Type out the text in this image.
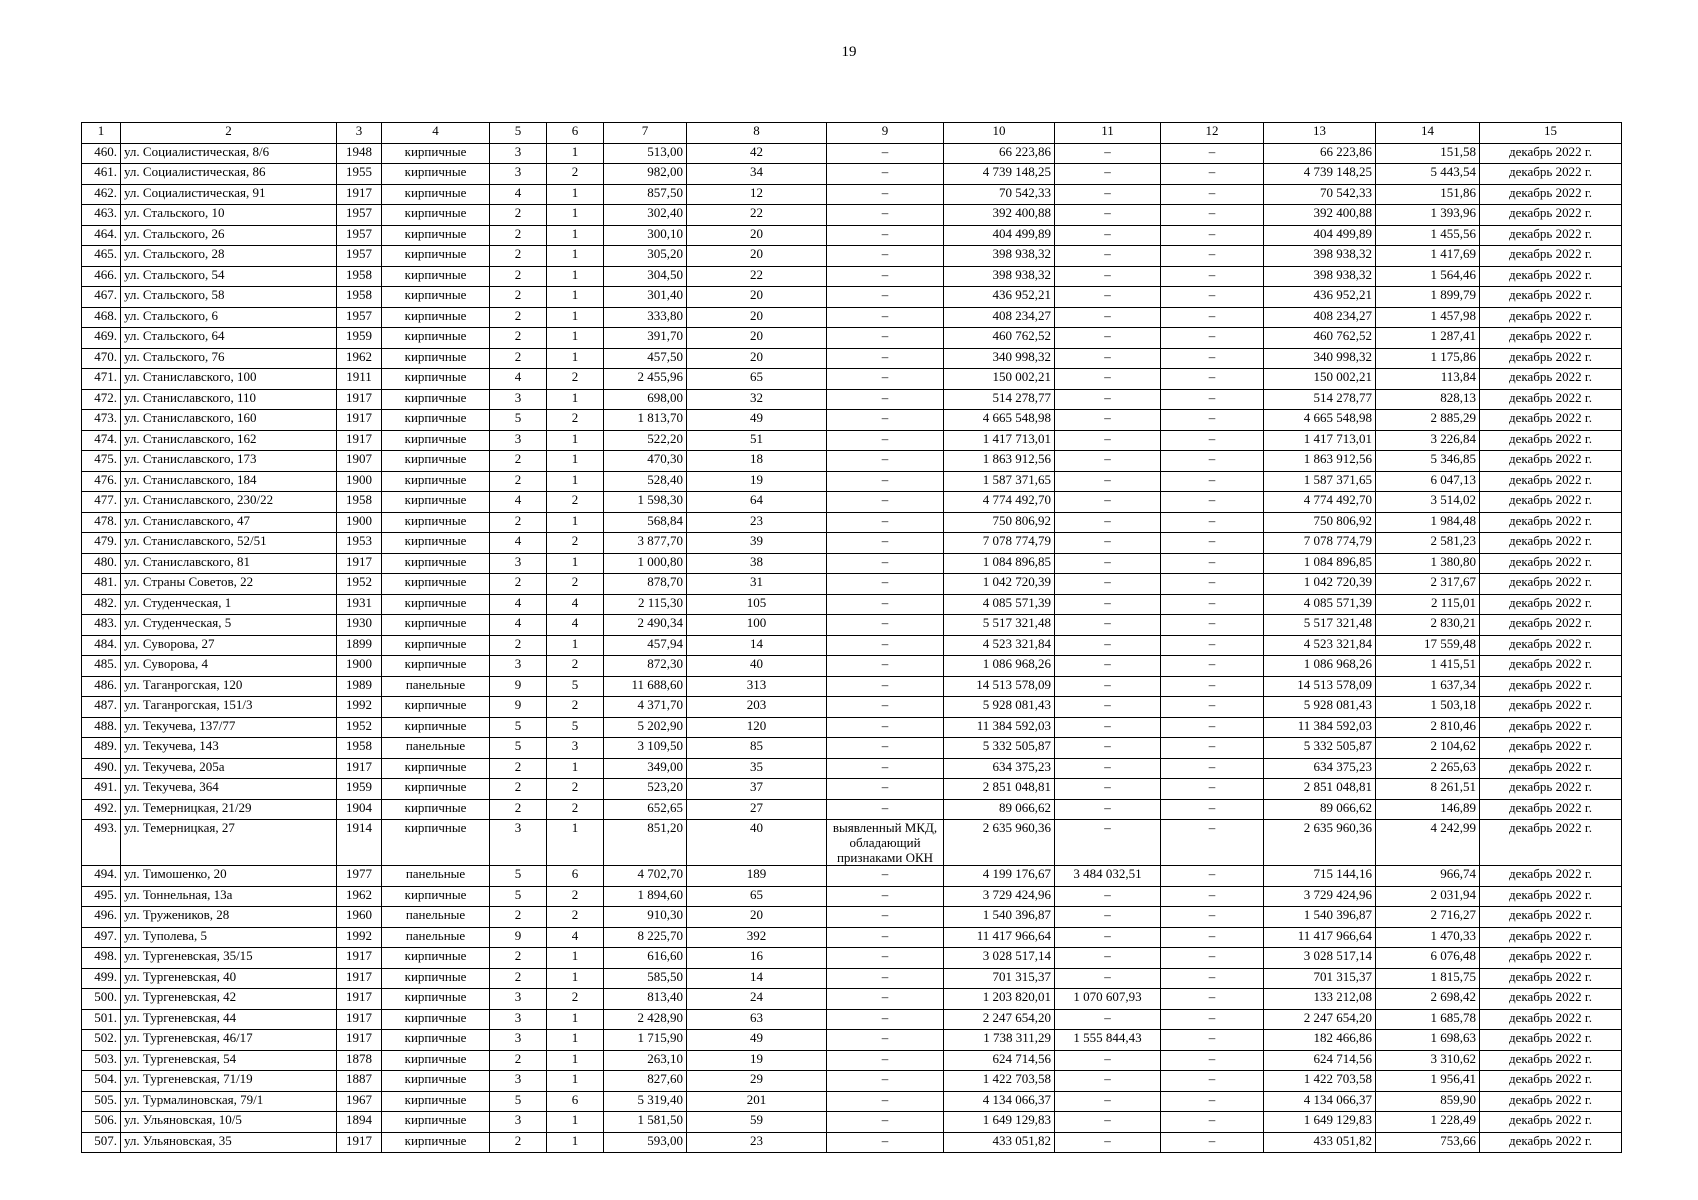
19
1	2	3	4	5	6	7	8	9	10	11	12	13	14	15
460.	ул. Социалистическая, 8/6	1948	кирпичные	3	1	513,00	42	–	66 223,86	–	–	66 223,86	151,58	декабрь 2022 г.
461.	ул. Социалистическая, 86	1955	кирпичные	3	2	982,00	34	–	4 739 148,25	–	–	4 739 148,25	5 443,54	декабрь 2022 г.
462.	ул. Социалистическая, 91	1917	кирпичные	4	1	857,50	12	–	70 542,33	–	–	70 542,33	151,86	декабрь 2022 г.
463.	ул. Стальского, 10	1957	кирпичные	2	1	302,40	22	–	392 400,88	–	–	392 400,88	1 393,96	декабрь 2022 г.
464.	ул. Стальского, 26	1957	кирпичные	2	1	300,10	20	–	404 499,89	–	–	404 499,89	1 455,56	декабрь 2022 г.
465.	ул. Стальского, 28	1957	кирпичные	2	1	305,20	20	–	398 938,32	–	–	398 938,32	1 417,69	декабрь 2022 г.
466.	ул. Стальского, 54	1958	кирпичные	2	1	304,50	22	–	398 938,32	–	–	398 938,32	1 564,46	декабрь 2022 г.
467.	ул. Стальского, 58	1958	кирпичные	2	1	301,40	20	–	436 952,21	–	–	436 952,21	1 899,79	декабрь 2022 г.
468.	ул. Стальского, 6	1957	кирпичные	2	1	333,80	20	–	408 234,27	–	–	408 234,27	1 457,98	декабрь 2022 г.
469.	ул. Стальского, 64	1959	кирпичные	2	1	391,70	20	–	460 762,52	–	–	460 762,52	1 287,41	декабрь 2022 г.
470.	ул. Стальского, 76	1962	кирпичные	2	1	457,50	20	–	340 998,32	–	–	340 998,32	1 175,86	декабрь 2022 г.
471.	ул. Станиславского, 100	1911	кирпичные	4	2	2 455,96	65	–	150 002,21	–	–	150 002,21	113,84	декабрь 2022 г.
472.	ул. Станиславского, 110	1917	кирпичные	3	1	698,00	32	–	514 278,77	–	–	514 278,77	828,13	декабрь 2022 г.
473.	ул. Станиславского, 160	1917	кирпичные	5	2	1 813,70	49	–	4 665 548,98	–	–	4 665 548,98	2 885,29	декабрь 2022 г.
474.	ул. Станиславского, 162	1917	кирпичные	3	1	522,20	51	–	1 417 713,01	–	–	1 417 713,01	3 226,84	декабрь 2022 г.
475.	ул. Станиславского, 173	1907	кирпичные	2	1	470,30	18	–	1 863 912,56	–	–	1 863 912,56	5 346,85	декабрь 2022 г.
476.	ул. Станиславского, 184	1900	кирпичные	2	1	528,40	19	–	1 587 371,65	–	–	1 587 371,65	6 047,13	декабрь 2022 г.
477.	ул. Станиславского, 230/22	1958	кирпичные	4	2	1 598,30	64	–	4 774 492,70	–	–	4 774 492,70	3 514,02	декабрь 2022 г.
478.	ул. Станиславского, 47	1900	кирпичные	2	1	568,84	23	–	750 806,92	–	–	750 806,92	1 984,48	декабрь 2022 г.
479.	ул. Станиславского, 52/51	1953	кирпичные	4	2	3 877,70	39	–	7 078 774,79	–	–	7 078 774,79	2 581,23	декабрь 2022 г.
480.	ул. Станиславского, 81	1917	кирпичные	3	1	1 000,80	38	–	1 084 896,85	–	–	1 084 896,85	1 380,80	декабрь 2022 г.
481.	ул. Страны Советов, 22	1952	кирпичные	2	2	878,70	31	–	1 042 720,39	–	–	1 042 720,39	2 317,67	декабрь 2022 г.
482.	ул. Студенческая, 1	1931	кирпичные	4	4	2 115,30	105	–	4 085 571,39	–	–	4 085 571,39	2 115,01	декабрь 2022 г.
483.	ул. Студенческая, 5	1930	кирпичные	4	4	2 490,34	100	–	5 517 321,48	–	–	5 517 321,48	2 830,21	декабрь 2022 г.
484.	ул. Суворова, 27	1899	кирпичные	2	1	457,94	14	–	4 523 321,84	–	–	4 523 321,84	17 559,48	декабрь 2022 г.
485.	ул. Суворова, 4	1900	кирпичные	3	2	872,30	40	–	1 086 968,26	–	–	1 086 968,26	1 415,51	декабрь 2022 г.
486.	ул. Таганрогская, 120	1989	панельные	9	5	11 688,60	313	–	14 513 578,09	–	–	14 513 578,09	1 637,34	декабрь 2022 г.
487.	ул. Таганрогская, 151/3	1992	кирпичные	9	2	4 371,70	203	–	5 928 081,43	–	–	5 928 081,43	1 503,18	декабрь 2022 г.
488.	ул. Текучева, 137/77	1952	кирпичные	5	5	5 202,90	120	–	11 384 592,03	–	–	11 384 592,03	2 810,46	декабрь 2022 г.
489.	ул. Текучева, 143	1958	панельные	5	3	3 109,50	85	–	5 332 505,87	–	–	5 332 505,87	2 104,62	декабрь 2022 г.
490.	ул. Текучева, 205а	1917	кирпичные	2	1	349,00	35	–	634 375,23	–	–	634 375,23	2 265,63	декабрь 2022 г.
491.	ул. Текучева, 364	1959	кирпичные	2	2	523,20	37	–	2 851 048,81	–	–	2 851 048,81	8 261,51	декабрь 2022 г.
492.	ул. Темерницкая, 21/29	1904	кирпичные	2	2	652,65	27	–	89 066,62	–	–	89 066,62	146,89	декабрь 2022 г.
493.	ул. Темерницкая, 27	1914	кирпичные	3	1	851,20	40	выявленный МКД, обладающий признаками ОКН	2 635 960,36	–	–	2 635 960,36	4 242,99	декабрь 2022 г.
494.	ул. Тимошенко, 20	1977	панельные	5	6	4 702,70	189	–	4 199 176,67	3 484 032,51	–	715 144,16	966,74	декабрь 2022 г.
495.	ул. Тоннельная, 13а	1962	кирпичные	5	2	1 894,60	65	–	3 729 424,96	–	–	3 729 424,96	2 031,94	декабрь 2022 г.
496.	ул. Тружеников, 28	1960	панельные	2	2	910,30	20	–	1 540 396,87	–	–	1 540 396,87	2 716,27	декабрь 2022 г.
497.	ул. Туполева, 5	1992	панельные	9	4	8 225,70	392	–	11 417 966,64	–	–	11 417 966,64	1 470,33	декабрь 2022 г.
498.	ул. Тургеневская, 35/15	1917	кирпичные	2	1	616,60	16	–	3 028 517,14	–	–	3 028 517,14	6 076,48	декабрь 2022 г.
499.	ул. Тургеневская, 40	1917	кирпичные	2	1	585,50	14	–	701 315,37	–	–	701 315,37	1 815,75	декабрь 2022 г.
500.	ул. Тургеневская, 42	1917	кирпичные	3	2	813,40	24	–	1 203 820,01	1 070 607,93	–	133 212,08	2 698,42	декабрь 2022 г.
501.	ул. Тургеневская, 44	1917	кирпичные	3	1	2 428,90	63	–	2 247 654,20	–	–	2 247 654,20	1 685,78	декабрь 2022 г.
502.	ул. Тургеневская, 46/17	1917	кирпичные	3	1	1 715,90	49	–	1 738 311,29	1 555 844,43	–	182 466,86	1 698,63	декабрь 2022 г.
503.	ул. Тургеневская, 54	1878	кирпичные	2	1	263,10	19	–	624 714,56	–	–	624 714,56	3 310,62	декабрь 2022 г.
504.	ул. Тургеневская, 71/19	1887	кирпичные	3	1	827,60	29	–	1 422 703,58	–	–	1 422 703,58	1 956,41	декабрь 2022 г.
505.	ул. Турмалиновская, 79/1	1967	кирпичные	5	6	5 319,40	201	–	4 134 066,37	–	–	4 134 066,37	859,90	декабрь 2022 г.
506.	ул. Ульяновская, 10/5	1894	кирпичные	3	1	1 581,50	59	–	1 649 129,83	–	–	1 649 129,83	1 228,49	декабрь 2022 г.
507.	ул. Ульяновская, 35	1917	кирпичные	2	1	593,00	23	–	433 051,82	–	–	433 051,82	753,66	декабрь 2022 г.
